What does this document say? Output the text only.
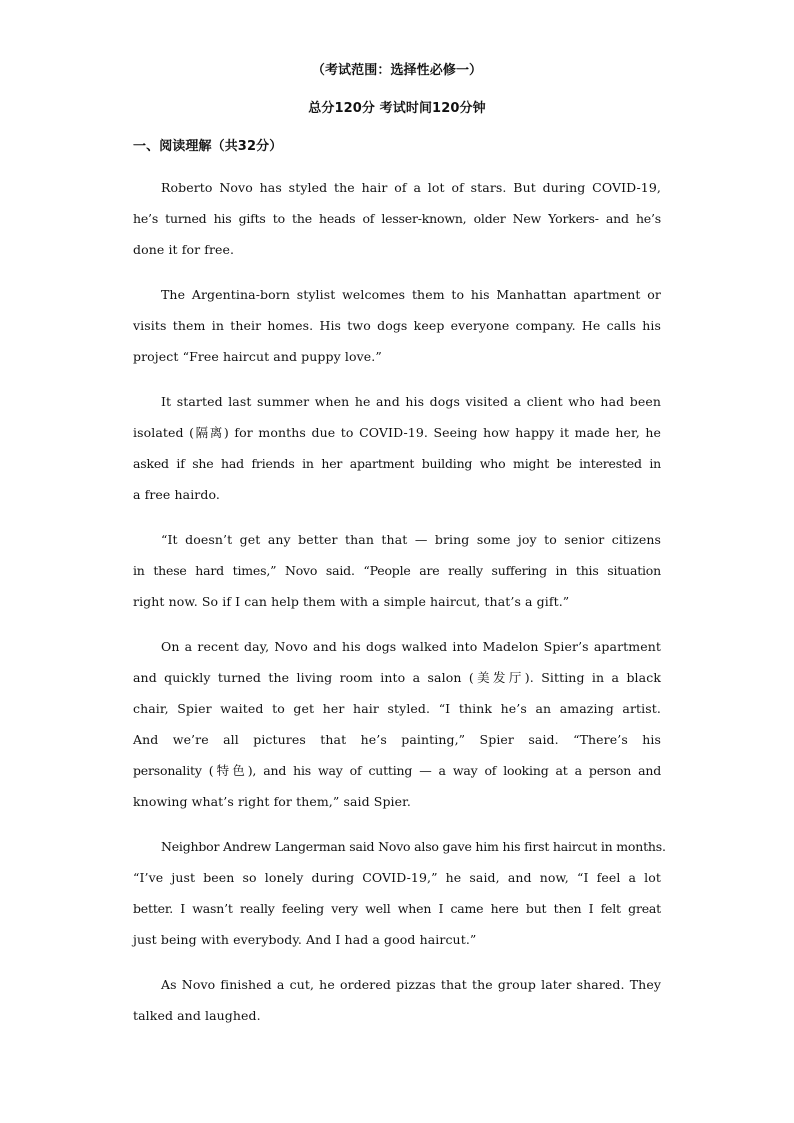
（考试范围：选择性必修一）
总分120分 考试时间120分钟
一、阅读理解（共32分）
Roberto Novo has styled the hair of a lot of stars. But during COVID-19,
he’s turned his gifts to the heads of lesser-known, older New Yorkers- and he’s
done it for free.
The Argentina-born stylist welcomes them to his Manhattan apartment or
visits them in their homes. His two dogs keep everyone company. He calls his
project “Free haircut and puppy love.”
It started last summer when he and his dogs visited a client who had been
isolated (隔离) for months due to COVID-19. Seeing how happy it made her, he
asked if she had friends in her apartment building who might be interested in
a free hairdo.
“It doesn’t get any better than that — bring some joy to senior citizens
in these hard times,” Novo said. “People are really suffering in this situation
right now. So if I can help them with a simple haircut, that’s a gift.”
On a recent day, Novo and his dogs walked into Madelon Spier’s apartment
and quickly turned the living room into a salon (美发厅). Sitting in a black
chair, Spier waited to get her hair styled. “I think he’s an amazing artist.
And we’re all pictures that he’s painting,” Spier said. “There’s his
personality (特色), and his way of cutting — a way of looking at a person and
knowing what’s right for them,” said Spier.
Neighbor Andrew Langerman said Novo also gave him his first haircut in months.
“I’ve just been so lonely during COVID-19,” he said, and now, “I feel a lot
better. I wasn’t really feeling very well when I came here but then I felt great
just being with everybody. And I had a good haircut.”
As Novo finished a cut, he ordered pizzas that the group later shared. They
talked and laughed.
